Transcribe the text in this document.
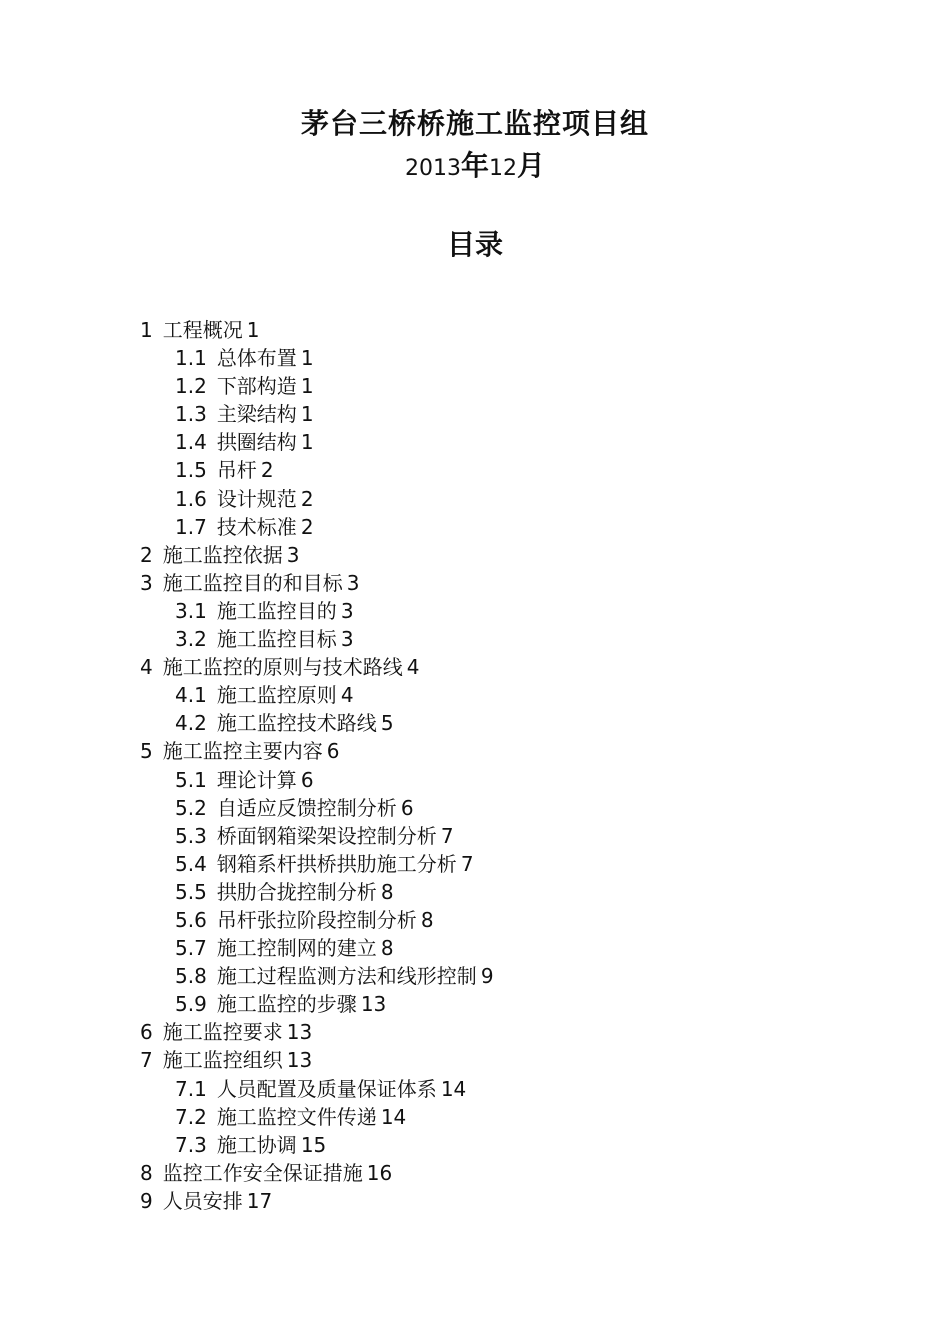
茅台三桥桥施工监控项目组
2013年12月
目录
1 工程概况 1
1.1 总体布置 1
1.2 下部构造 1
1.3 主梁结构 1
1.4 拱圈结构 1
1.5 吊杆 2
1.6 设计规范 2
1.7 技术标准 2
2 施工监控依据 3
3 施工监控目的和目标 3
3.1 施工监控目的 3
3.2 施工监控目标 3
4 施工监控的原则与技术路线 4
4.1 施工监控原则 4
4.2 施工监控技术路线 5
5 施工监控主要内容 6
5.1 理论计算 6
5.2 自适应反馈控制分析 6
5.3 桥面钢箱梁架设控制分析 7
5.4 钢箱系杆拱桥拱肋施工分析 7
5.5 拱肋合拢控制分析 8
5.6 吊杆张拉阶段控制分析 8
5.7 施工控制网的建立 8
5.8 施工过程监测方法和线形控制 9
5.9 施工监控的步骤 13
6 施工监控要求 13
7 施工监控组织 13
7.1 人员配置及质量保证体系 14
7.2 施工监控文件传递 14
7.3 施工协调 15
8 监控工作安全保证措施 16
9 人员安排 17
